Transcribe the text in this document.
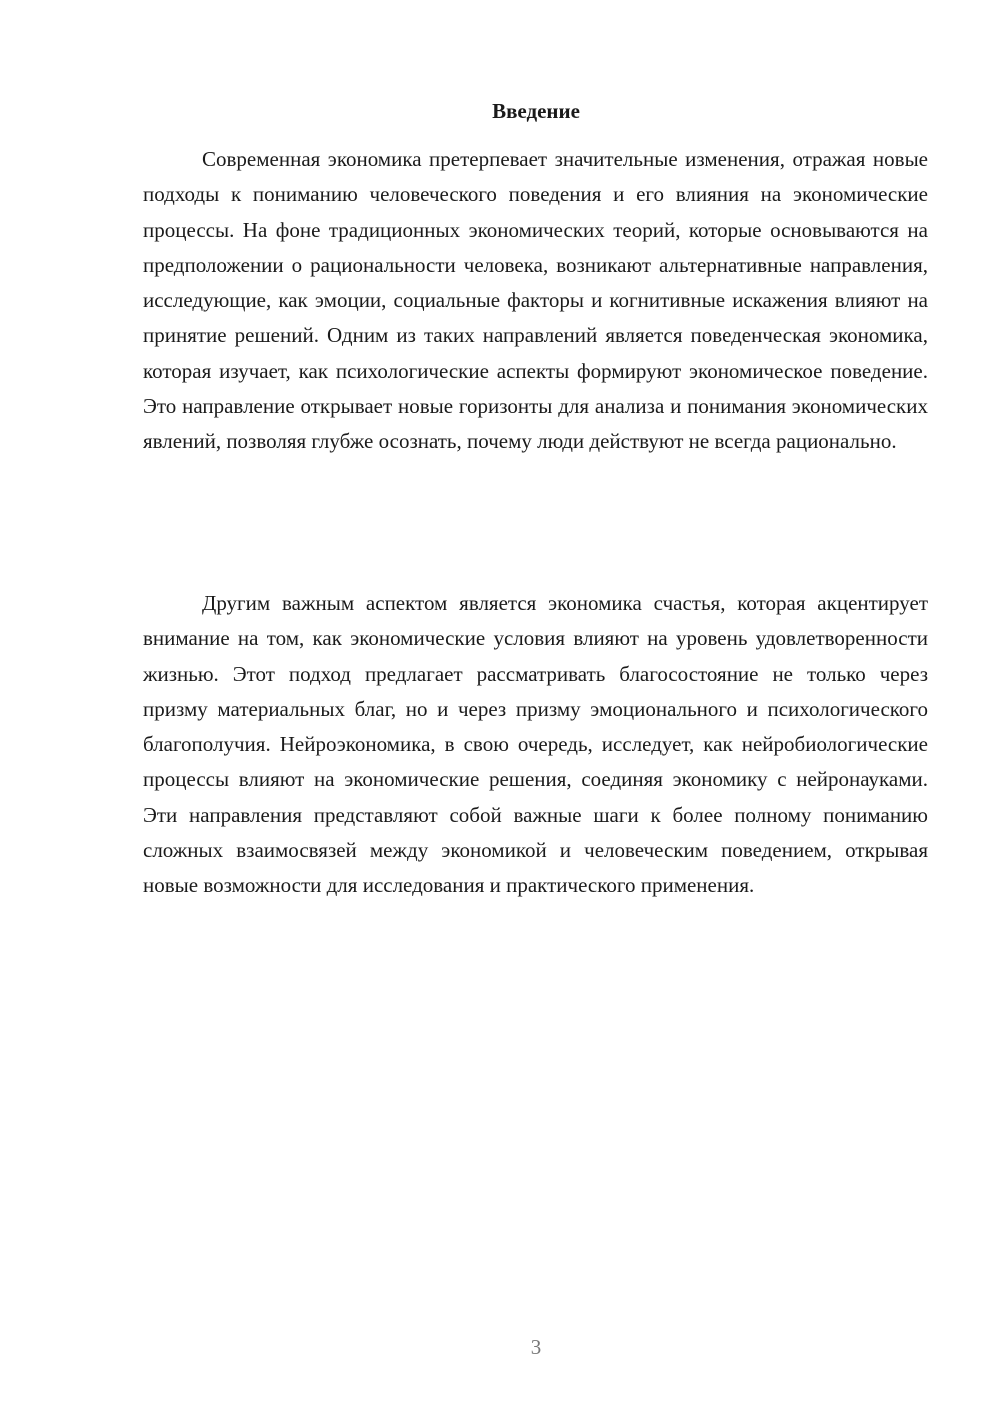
Введение

Современная экономика претерпевает значительные изменения, отражая новые подходы к пониманию человеческого поведения и его влияния на экономические процессы. На фоне традиционных экономических теорий, которые основываются на предположении о рациональности человека, возникают альтернативные направления, исследующие, как эмоции, социальные факторы и когнитивные искажения влияют на принятие решений. Одним из таких направлений является поведенческая экономика, которая изучает, как психологические аспекты формируют экономическое поведение. Это направление открывает новые горизонты для анализа и понимания экономических явлений, позволяя глубже осознать, почему люди действуют не всегда рационально.

Другим важным аспектом является экономика счастья, которая акцентирует внимание на том, как экономические условия влияют на уровень удовлетворенности жизнью. Этот подход предлагает рассматривать благосостояние не только через призму материальных благ, но и через призму эмоционального и психологического благополучия. Нейроэкономика, в свою очередь, исследует, как нейробиологические процессы влияют на экономические решения, соединяя экономику с нейронауками. Эти направления представляют собой важные шаги к более полному пониманию сложных взаимосвязей между экономикой и человеческим поведением, открывая новые возможности для исследования и практического применения.

3
